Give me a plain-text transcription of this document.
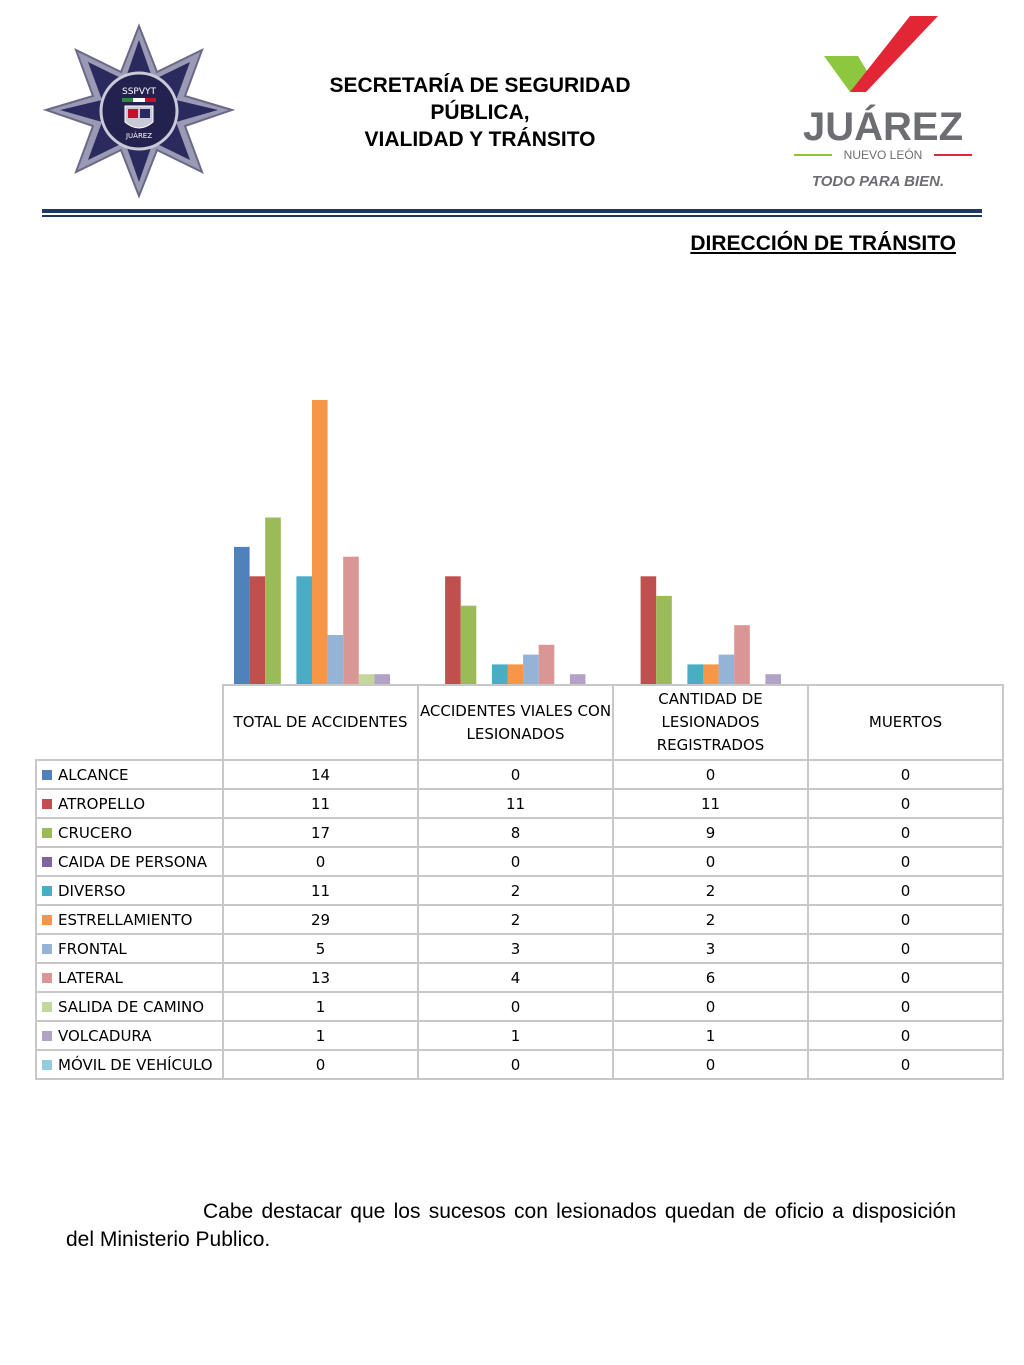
SSPVYT
JUÁREZ
SECRETARÍA DE SEGURIDAD
PÚBLICA,
VIALIDAD Y TRÁNSITO	JUÁREZ
NUEVO LEÓN
TODO PARA BIEN.
DIRECCIÓN DE TRÁNSITO
	TOTAL DE ACCIDENTES	ACCIDENTES VIALES CON LESIONADOS	CANTIDAD DE LESIONADOS REGISTRADOS	MUERTOS
ALCANCE	14	0	0	0
ATROPELLO	11	11	11	0
CRUCERO	17	8	9	0
CAIDA DE PERSONA	0	0	0	0
DIVERSO	11	2	2	0
ESTRELLAMIENTO	29	2	2	0
FRONTAL	5	3	3	0
LATERAL	13	4	6	0
SALIDA DE CAMINO	1	0	0	0
VOLCADURA	1	1	1	0
MÓVIL DE VEHÍCULO	0	0	0	0
Cabe destacar que los sucesos con lesionados quedan de oficio a disposición del Ministerio Publico.
